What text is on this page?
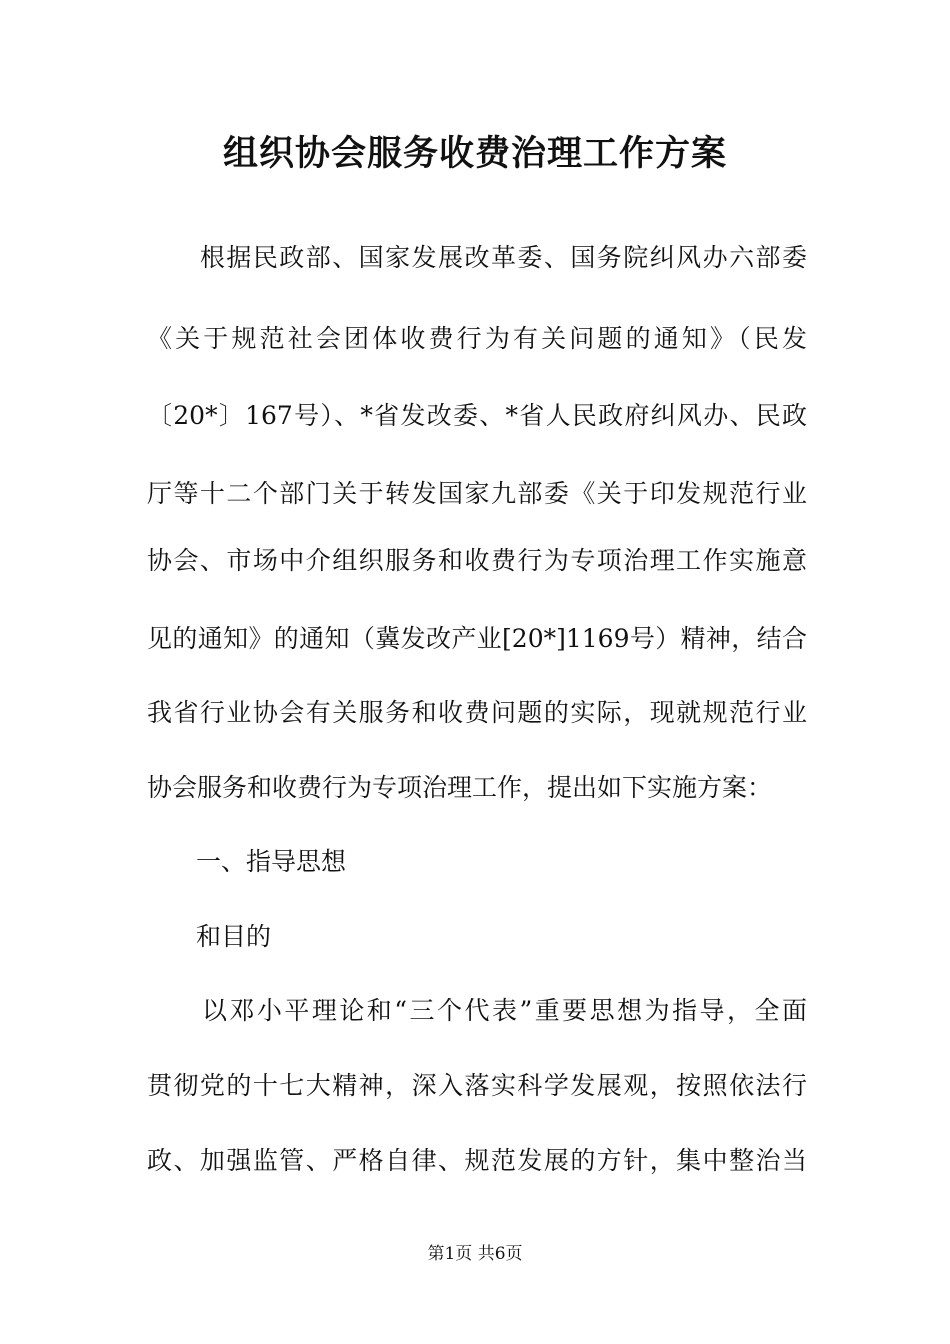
组织协会服务收费治理工作方案
　　根据民政部、国家发展改革委、国务院纠风办六部委
《关于规范社会团体收费行为有关问题的通知》（民发
〔20*〕167号）、*省发改委、*省人民政府纠风办、民政
厅等十二个部门关于转发国家九部委《关于印发规范行业
协会、市场中介组织服务和收费行为专项治理工作实施意
见的通知》的通知（冀发改产业[20*]1169号）精神，结合
我省行业协会有关服务和收费问题的实际，现就规范行业
协会服务和收费行为专项治理工作，提出如下实施方案：
一、指导思想
和目的
　　以邓小平理论和“三个代表”重要思想为指导，全面
贯彻党的十七大精神，深入落实科学发展观，按照依法行
政、加强监管、严格自律、规范发展的方针，集中整治当
第1页 共6页
